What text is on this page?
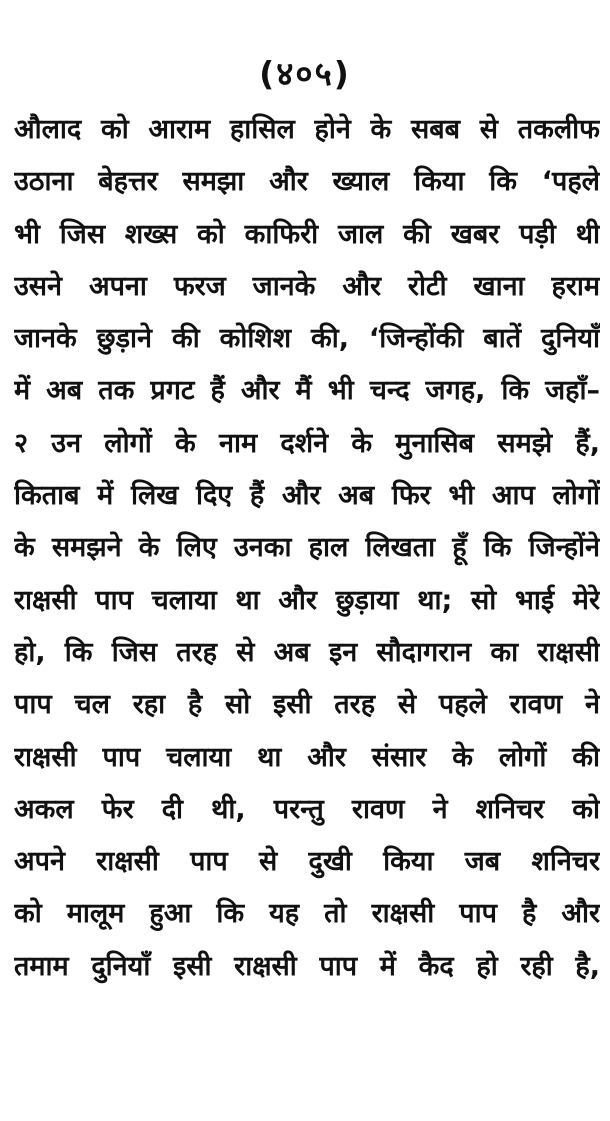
(४०५)
औलाद को आराम हासिल होने के सबब से तकलीफ
उठाना बेहत्तर समझा और ख्याल किया कि ‘पहले
भी जिस शख्स को काफिरी जाल की खबर पड़ी थी
उसने अपना फरज जानके और रोटी खाना हराम
जानके छुड़ाने की कोशिश की, ‘जिन्होंकी बातें दुनियाँ
में अब तक प्रगट हैं और मैं भी चन्द जगह, कि जहाँ–
२ उन लोगों के नाम दर्शने के मुनासिब समझे हैं,
किताब में लिख दिए हैं और अब फिर भी आप लोगों
के समझने के लिए उनका हाल लिखता हूँ कि जिन्होंने
राक्षसी पाप चलाया था और छुड़ाया था; सो भाई मेरे
हो, कि जिस तरह से अब इन सौदागरान का राक्षसी
पाप चल रहा है सो इसी तरह से पहले रावण ने
राक्षसी पाप चलाया था और संसार के लोगों की
अकल फेर दी थी, परन्तु रावण ने शनिचर को
अपने राक्षसी पाप से दुखी किया जब शनिचर
को मालूम हुआ कि यह तो राक्षसी पाप है और
तमाम दुनियाँ इसी राक्षसी पाप में कैद हो रही है,
